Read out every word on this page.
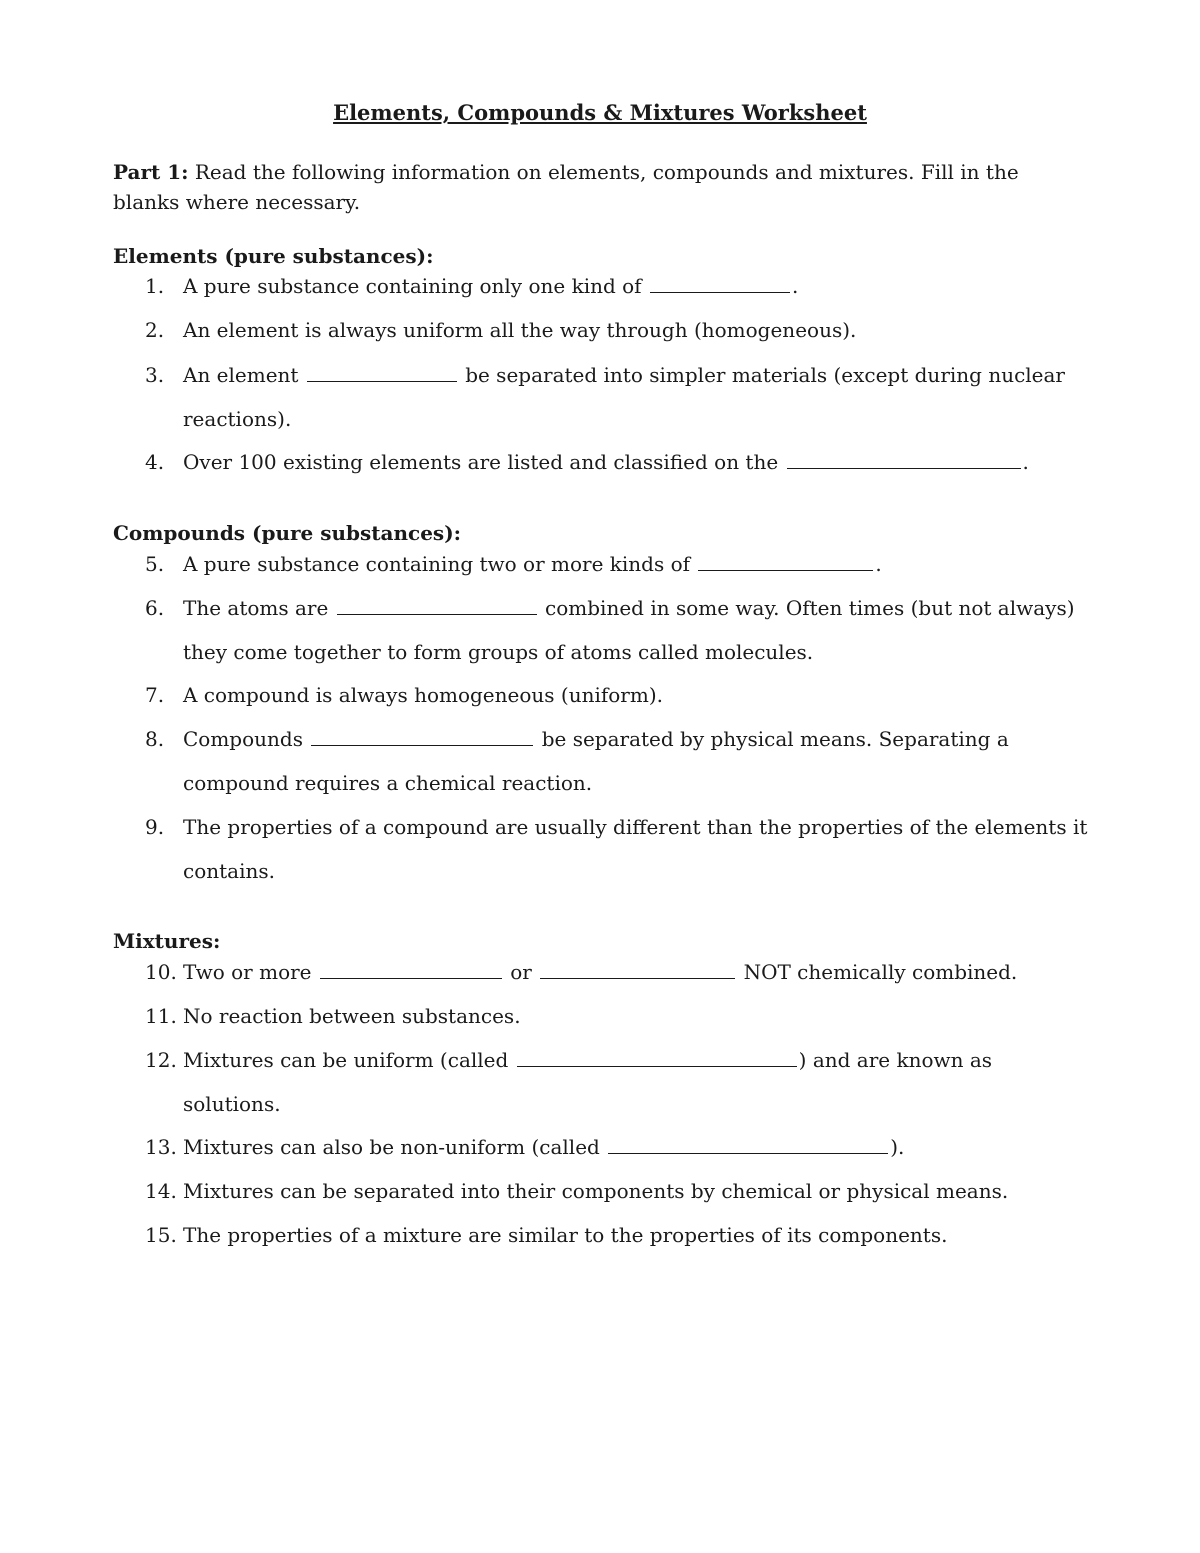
Elements, Compounds & Mixtures Worksheet
Part 1: Read the following information on elements, compounds and mixtures. Fill in the blanks where necessary.
Elements (pure substances):
1. A pure substance containing only one kind of	.
2. An element is always uniform all the way through (homogeneous).
3. An element	be separated into simpler materials (except during nuclear reactions).
4. Over 100 existing elements are listed and classified on the	.
Compounds (pure substances):
5. A pure substance containing two or more kinds of	.
6. The atoms are	combined in some way. Often times (but not always) they come together to form groups of atoms called molecules.
7. A compound is always homogeneous (uniform).
8. Compounds	be separated by physical means. Separating a compound requires a chemical reaction.
9. The properties of a compound are usually different than the properties of the elements it contains.
Mixtures:
10. Two or more	or	NOT chemically combined.
11. No reaction between substances.
12. Mixtures can be uniform (called	) and are known as solutions.
13. Mixtures can also be non-uniform (called	).
14. Mixtures can be separated into their components by chemical or physical means.
15. The properties of a mixture are similar to the properties of its components.
